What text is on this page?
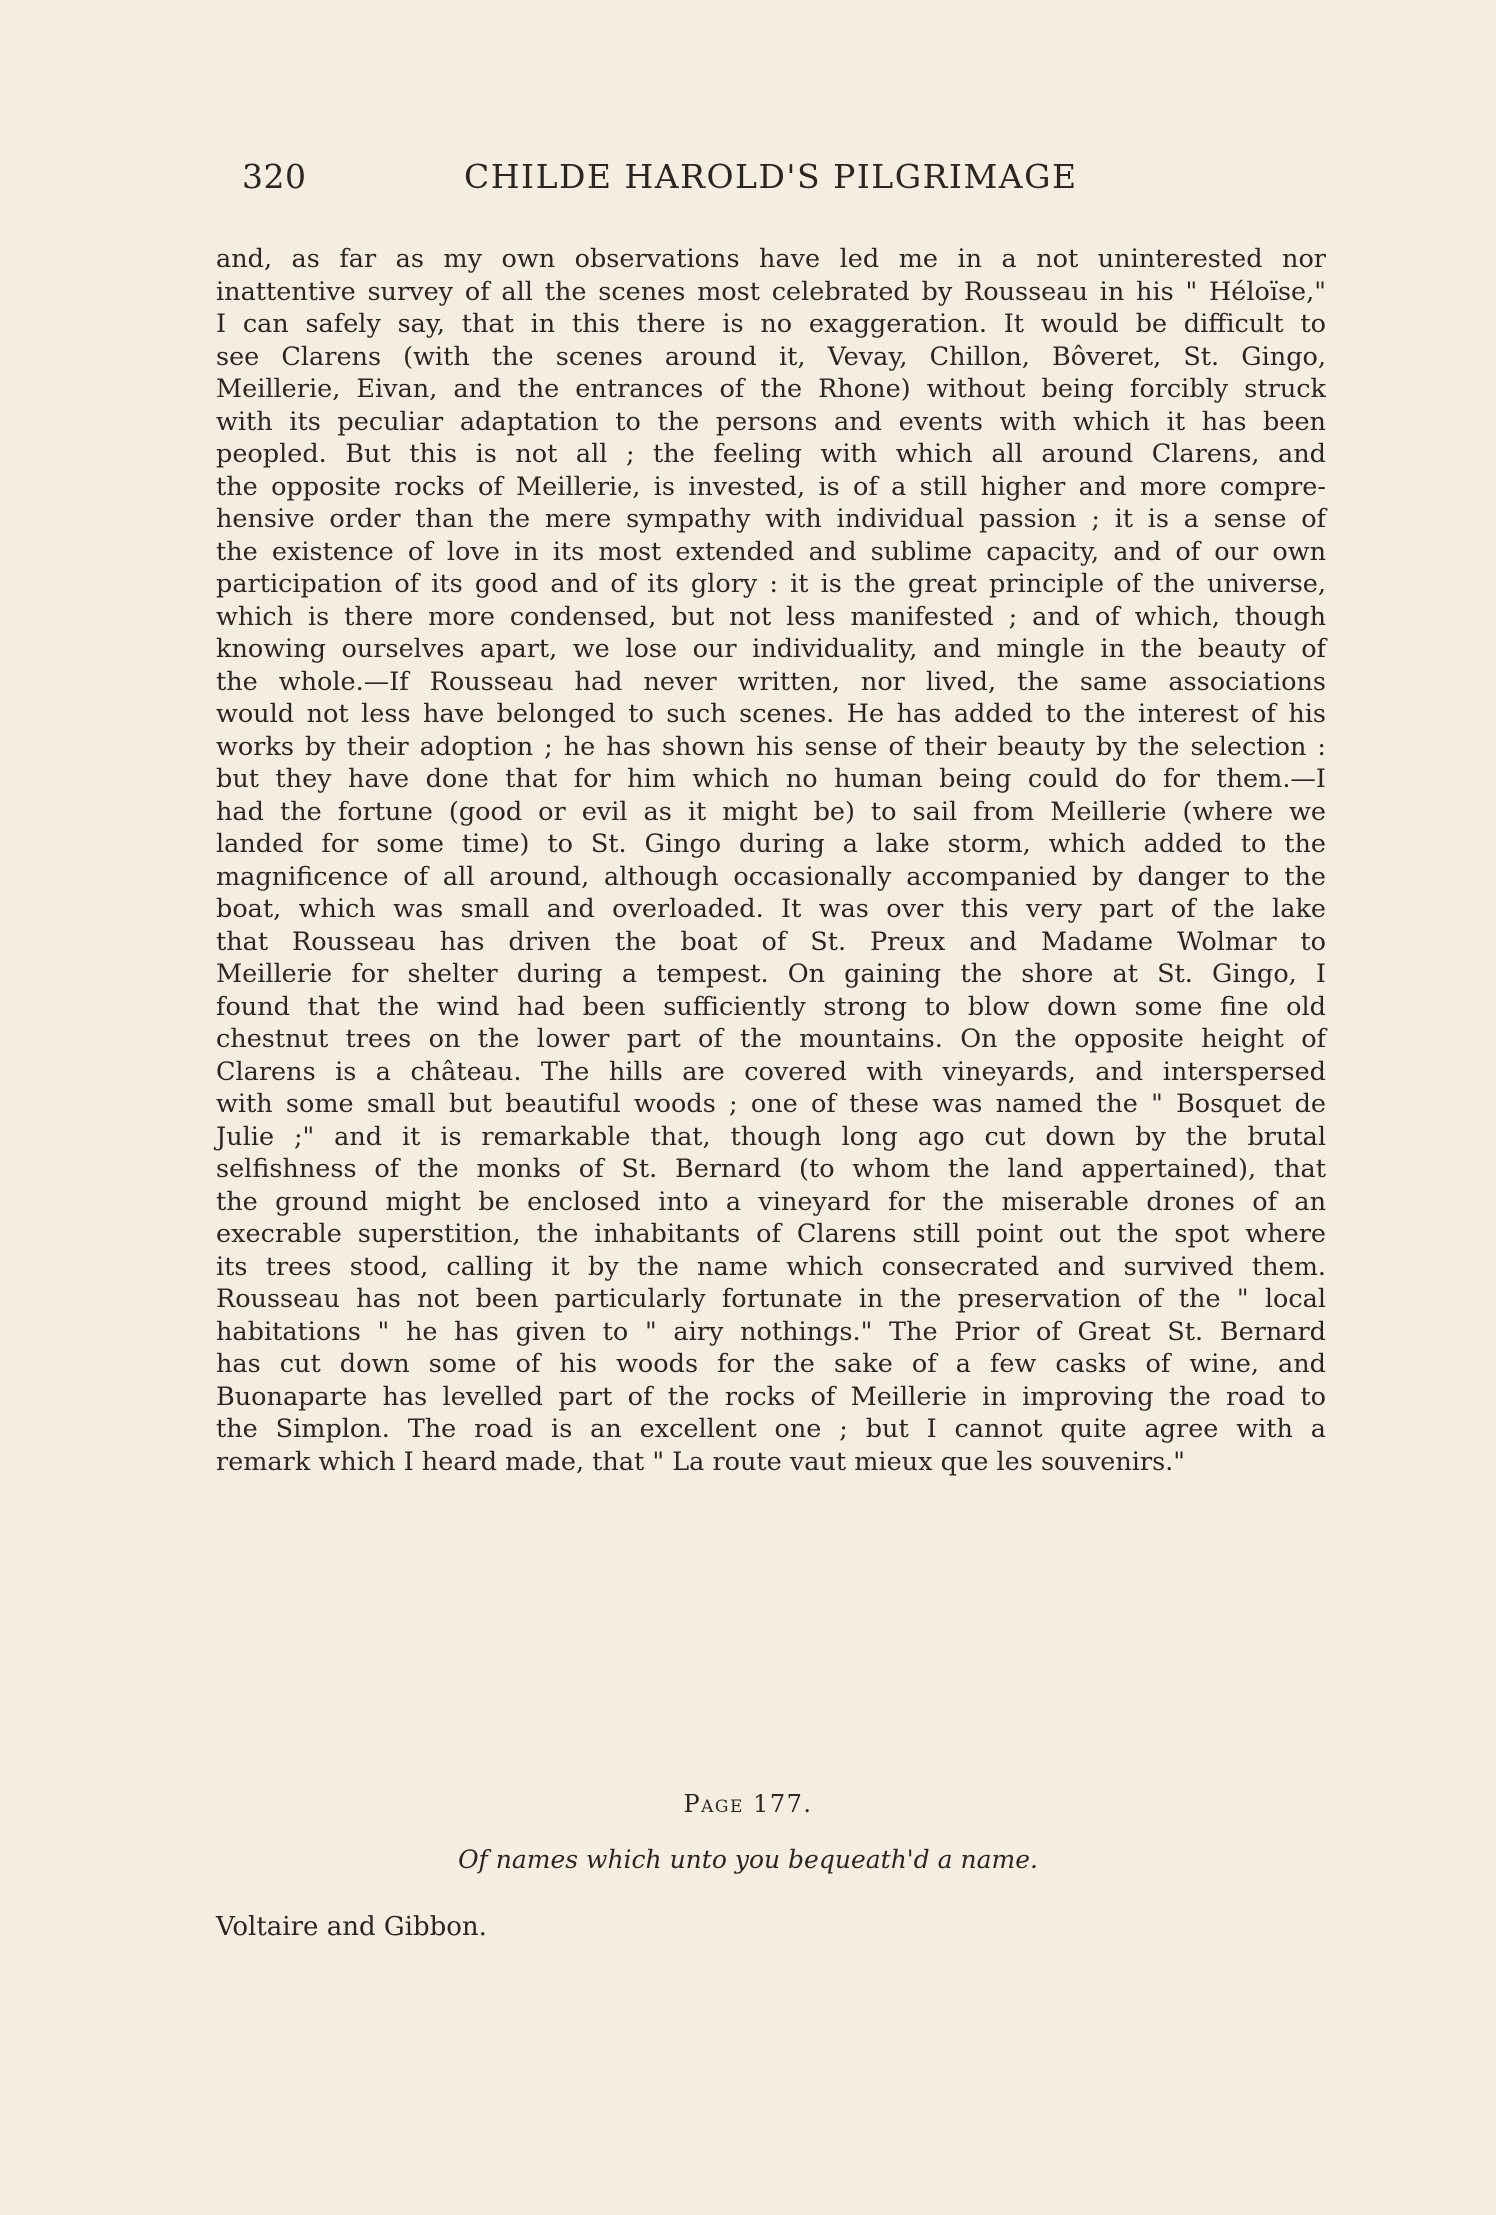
320	CHILDE HAROLD'S PILGRIMAGE
and, as far as my own observations have led me in a not uninterested nor
inattentive survey of all the scenes most celebrated by Rousseau in his " Héloïse,"
I can safely say, that in this there is no exaggeration. It would be difficult to
see Clarens (with the scenes around it, Vevay, Chillon, Bôveret, St. Gingo,
Meillerie, Eivan, and the entrances of the Rhone) without being forcibly struck
with its peculiar adaptation to the persons and events with which it has been
peopled. But this is not all ; the feeling with which all around Clarens, and
the opposite rocks of Meillerie, is invested, is of a still higher and more compre-
hensive order than the mere sympathy with individual passion ; it is a sense of
the existence of love in its most extended and sublime capacity, and of our own
participation of its good and of its glory : it is the great principle of the universe,
which is there more condensed, but not less manifested ; and of which, though
knowing ourselves apart, we lose our individuality, and mingle in the beauty of
the whole.—If Rousseau had never written, nor lived, the same associations
would not less have belonged to such scenes. He has added to the interest of his
works by their adoption ; he has shown his sense of their beauty by the selection :
but they have done that for him which no human being could do for them.—I
had the fortune (good or evil as it might be) to sail from Meillerie (where we
landed for some time) to St. Gingo during a lake storm, which added to the
magnificence of all around, although occasionally accompanied by danger to the
boat, which was small and overloaded. It was over this very part of the lake
that Rousseau has driven the boat of St. Preux and Madame Wolmar to
Meillerie for shelter during a tempest. On gaining the shore at St. Gingo, I
found that the wind had been sufficiently strong to blow down some fine old
chestnut trees on the lower part of the mountains. On the opposite height of
Clarens is a château. The hills are covered with vineyards, and interspersed
with some small but beautiful woods ; one of these was named the " Bosquet de
Julie ;" and it is remarkable that, though long ago cut down by the brutal
selfishness of the monks of St. Bernard (to whom the land appertained), that
the ground might be enclosed into a vineyard for the miserable drones of an
execrable superstition, the inhabitants of Clarens still point out the spot where
its trees stood, calling it by the name which consecrated and survived them.
Rousseau has not been particularly fortunate in the preservation of the " local
habitations " he has given to " airy nothings." The Prior of Great St. Bernard
has cut down some of his woods for the sake of a few casks of wine, and
Buonaparte has levelled part of the rocks of Meillerie in improving the road to
the Simplon. The road is an excellent one ; but I cannot quite agree with a
remark which I heard made, that " La route vaut mieux que les souvenirs."
Page 177.
Of names which unto you bequeath'd a name.
Voltaire and Gibbon.
